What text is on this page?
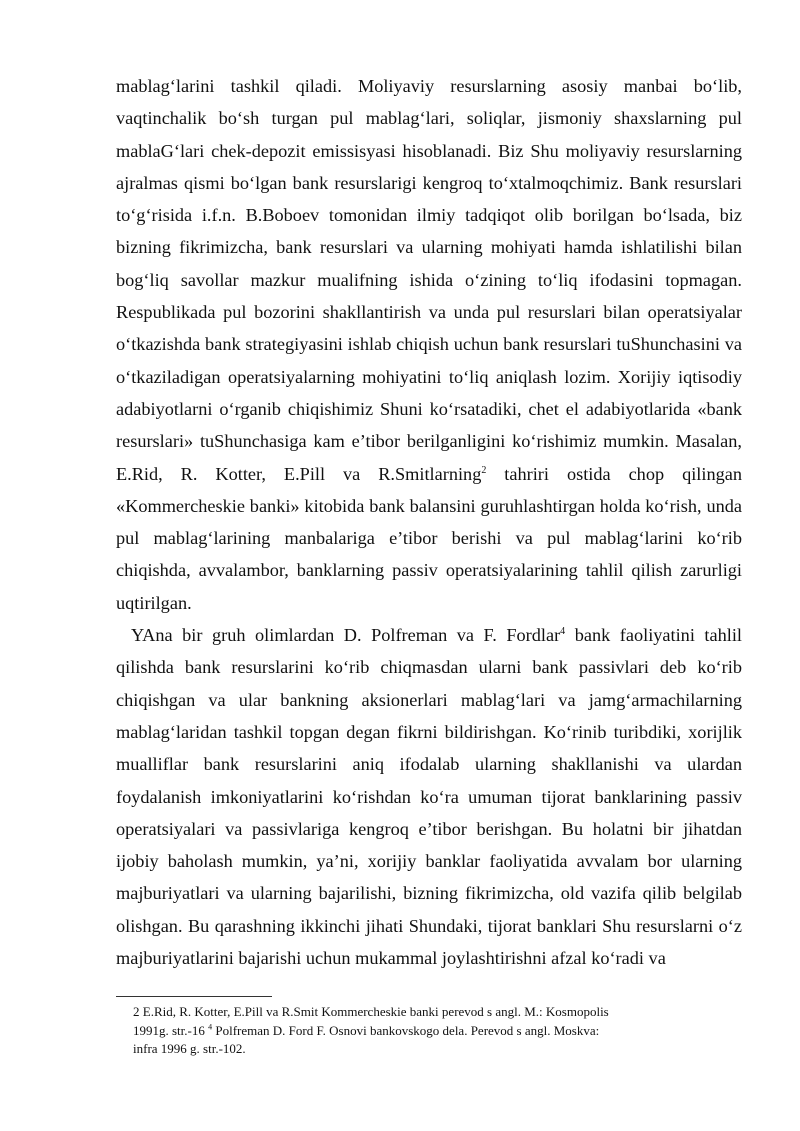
mablag‘larini tashkil qiladi. Moliyaviy resurslarning asosiy manbai bo‘lib, vaqtinchalik bo‘sh turgan pul mablag‘lari, soliqlar, jismoniy shaxslarning pul mablaG‘lari chek-depozit emissisyasi hisoblanadi. Biz Shu moliyaviy resurslarning ajralmas qismi bo‘lgan bank resurslarigi kengroq to‘xtalmoqchimiz. Bank resurslari to‘g‘risida i.f.n. B.Boboev tomonidan ilmiy tadqiqot olib borilgan bo‘lsada, biz bizning fikrimizcha, bank resurslari va ularning mohiyati hamda ishlatilishi bilan bog‘liq savollar mazkur mualifning ishida o‘zining to‘liq ifodasini topmagan. Respublikada pul bozorini shakllantirish va unda pul resurslari bilan operatsiyalar o‘tkazishda bank strategiyasini ishlab chiqish uchun bank resurslari tuShunchasini va o‘tkaziladigan operatsiyalarning mohiyatini to‘liq aniqlash lozim. Xorijiy iqtisodiy adabiyotlarni o‘rganib chiqishimiz Shuni ko‘rsatadiki, chet el adabiyotlarida «bank resurslari» tuShunchasiga kam e’tibor berilganligini ko‘rishimiz mumkin. Masalan, E.Rid, R. Kotter, E.Pill va R.Smitlarning$^2$ tahriri ostida chop qilingan «Kommercheskie banki» kitobida bank balansini guruhlashtirgan holda ko‘rish, unda pul mablag‘larining manbalariga e’tibor berishi va pul mablag‘larini ko‘rib chiqishda, avvalambor, banklarning passiv operatsiyalarining tahlil qilish zarurligi uqtirilgan.

YAna bir gruh olimlardan D. Polfreman va F. Fordlar$^4$ bank faoliyatini tahlil qilishda bank resurslarini ko‘rib chiqmasdan ularni bank passivlari deb ko‘rib chiqishgan va ular bankning aksionerlari mablag‘lari va jamg‘armachilarning mablag‘laridan tashkil topgan degan fikrni bildirishgan. Ko‘rinib turibdiki, xorijlik mualliflar bank resurslarini aniq ifodalab ularning shakllanishi va ulardan foydalanish imkoniyatlarini ko‘rishdan ko‘ra umuman tijorat banklarining passiv operatsiyalari va passivlariga kengroq e’tibor berishgan. Bu holatni bir jihatdan ijobiy baholash mumkin, ya’ni, xorijiy banklar faoliyatida avvalam bor ularning majburiyatlari va ularning bajarilishi, bizning fikrimizcha, old vazifa qilib belgilab olishgan. Bu qarashning ikkinchi jihati Shundaki, tijorat banklari Shu resurslarni o‘z majburiyatlarini bajarishi uchun mukammal joylashtirishni afzal ko‘radi va

2 E.Rid, R. Kotter, E.Pill va R.Smit Kommercheskie banki perevod s angl. M.: Kosmopolis
1991g. str.-16 $^4$ Polfreman D. Ford F. Osnovi bankovskogo dela. Perevod s angl. Moskva:
infra 1996 g. str.-102.
